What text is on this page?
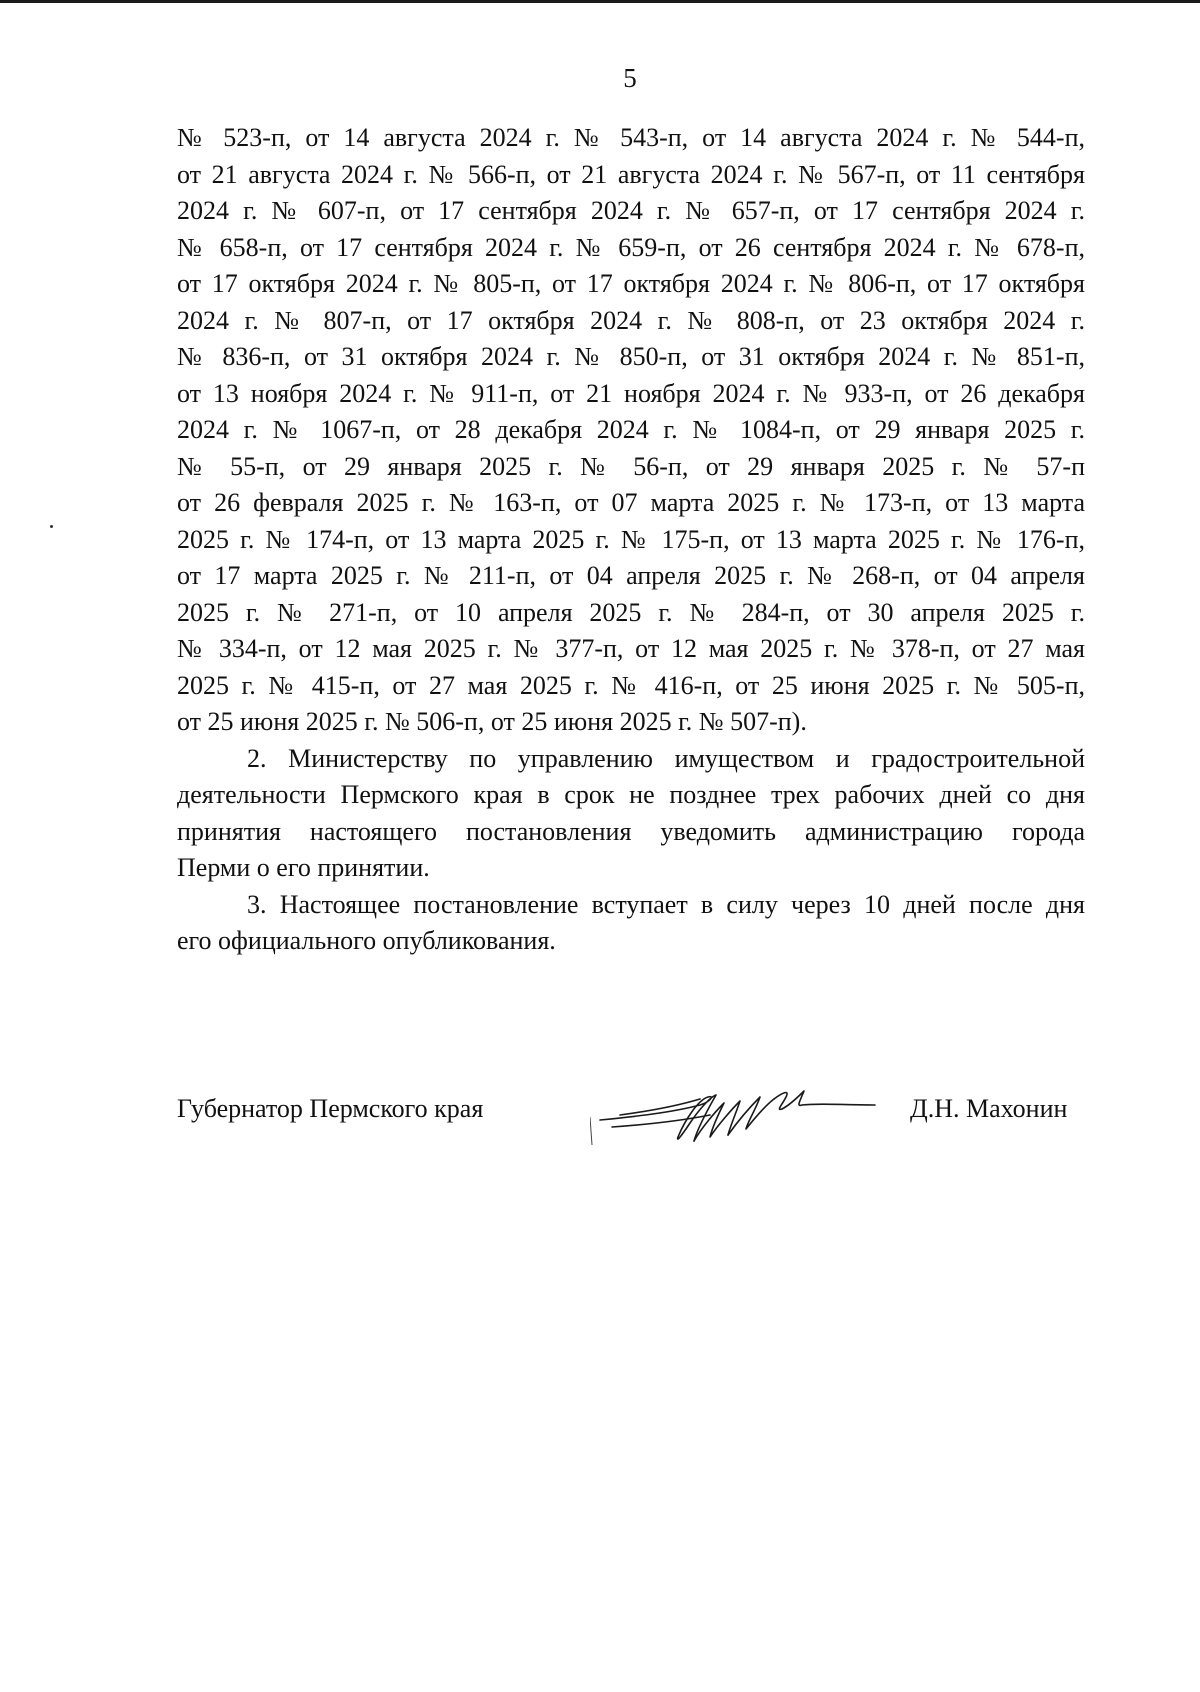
5
№ 523-п, от 14 августа 2024 г. № 543-п, от 14 августа 2024 г. № 544-п,
от 21 августа 2024 г. № 566-п, от 21 августа 2024 г. № 567-п, от 11 сентября
2024 г. № 607-п, от 17 сентября 2024 г. № 657-п, от 17 сентября 2024 г.
№ 658-п, от 17 сентября 2024 г. № 659-п, от 26 сентября 2024 г. № 678-п,
от 17 октября 2024 г. № 805-п, от 17 октября 2024 г. № 806-п, от 17 октября
2024 г. № 807-п, от 17 октября 2024 г. № 808-п, от 23 октября 2024 г.
№ 836-п, от 31 октября 2024 г. № 850-п, от 31 октября 2024 г. № 851-п,
от 13 ноября 2024 г. № 911-п, от 21 ноября 2024 г. № 933-п, от 26 декабря
2024 г. № 1067-п, от 28 декабря 2024 г. № 1084-п, от 29 января 2025 г.
№ 55-п, от 29 января 2025 г. № 56-п, от 29 января 2025 г. № 57-п
от 26 февраля 2025 г. № 163-п, от 07 марта 2025 г. № 173-п, от 13 марта
2025 г. № 174-п, от 13 марта 2025 г. № 175-п, от 13 марта 2025 г. № 176-п,
от 17 марта 2025 г. № 211-п, от 04 апреля 2025 г. № 268-п, от 04 апреля
2025 г. № 271-п, от 10 апреля 2025 г. № 284-п, от 30 апреля 2025 г.
№ 334-п, от 12 мая 2025 г. № 377-п, от 12 мая 2025 г. № 378-п, от 27 мая
2025 г. № 415-п, от 27 мая 2025 г. № 416-п, от 25 июня 2025 г. № 505-п,
от 25 июня 2025 г. № 506-п, от 25 июня 2025 г. № 507-п).
2. Министерству по управлению имуществом и градостроительной
деятельности Пермского края в срок не позднее трех рабочих дней со дня
принятия настоящего постановления уведомить администрацию города
Перми о его принятии.
3. Настоящее постановление вступает в силу через 10 дней после дня
его официального опубликования.
Губернатор Пермского края	Д.Н. Махонин
